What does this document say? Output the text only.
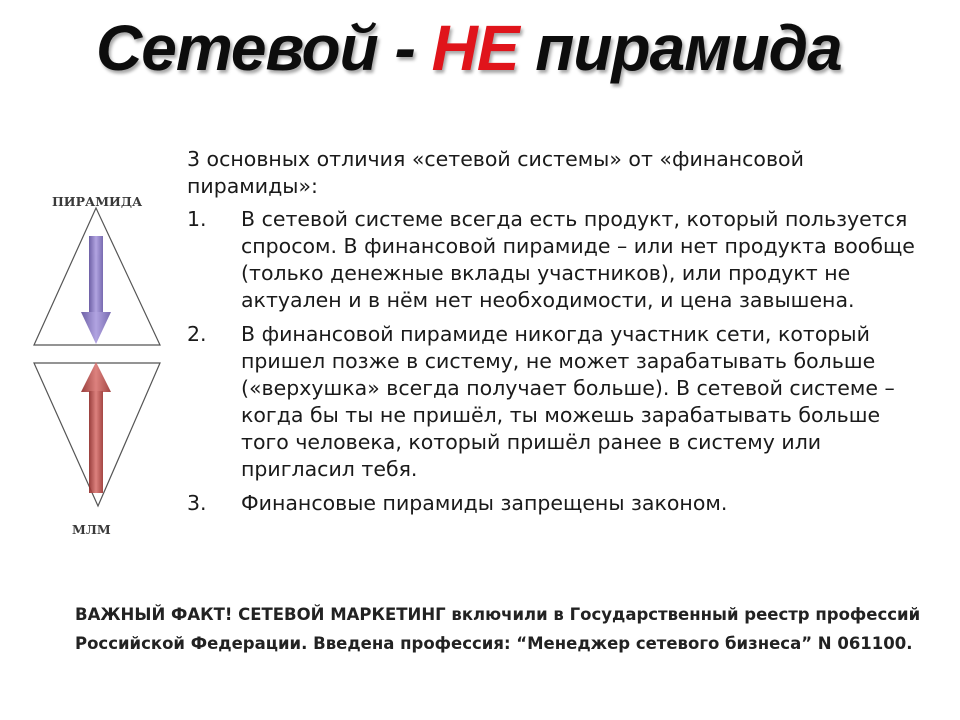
Сетевой - НЕ пирамида
ПИРАМИДА
МЛМ

3 основных отличия «сетевой системы» от «финансовой пирамиды»:

1. В сетевой системе всегда есть продукт, который пользуется спросом. В финансовой пирамиде – или нет продукта вообще (только денежные вклады участников), или продукт не актуален и в нём нет необходимости, и цена завышена.
2. В финансовой пирамиде никогда участник сети, который пришел позже в систему, не может зарабатывать больше («верхушка» всегда получает больше). В сетевой системе – когда бы ты не пришёл, ты можешь зарабатывать больше того человека, который пришёл ранее в систему или пригласил тебя.
3. Финансовые пирамиды запрещены законом.

ВАЖНЫЙ ФАКТ! СЕТЕВОЙ МАРКЕТИНГ включили в Государственный реестр профессий Российской Федерации. Введена профессия: “Менеджер сетевого бизнеса” N 061100.
